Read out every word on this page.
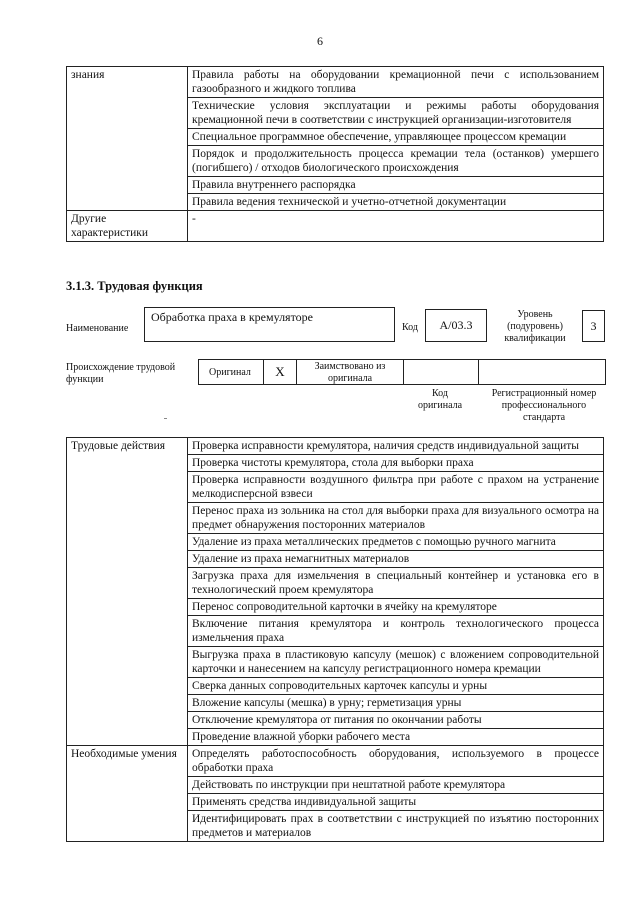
6
знания	Правила работы на оборудовании кремационной печи с использованием газообразного и жидкого топлива
	Технические условия эксплуатации и режимы работы оборудования кремационной печи в соответствии с инструкцией организации-изготовителя
	Специальное программное обеспечение, управляющее процессом кремации
	Порядок и продолжительность процесса кремации тела (останков) умершего (погибшего) / отходов биологического происхождения
	Правила внутреннего распорядка
	Правила ведения технической и учетно-отчетной документации
Другие характеристики	-
3.1.3. Трудовая функция
Наименование
Обработка праха в кремуляторе
Код	A/03.3
Уровень (подуровень) квалификации
3
Происхождение трудовой функции
Оригинал	X	Заимствовано из оригинала
Код оригинала
Регистрационный номер профессионального стандарта
Трудовые действия	Проверка исправности кремулятора, наличия средств индивидуальной защиты
	Проверка чистоты кремулятора, стола для выборки праха
	Проверка исправности воздушного фильтра при работе с прахом на устранение мелкодисперсной взвеси
	Перенос праха из зольника на стол для выборки праха для визуального осмотра на предмет обнаружения посторонних материалов
	Удаление из праха металлических предметов с помощью ручного магнита
	Удаление из праха немагнитных материалов
	Загрузка праха для измельчения в специальный контейнер и установка его в технологический проем кремулятора
	Перенос сопроводительной карточки в ячейку на кремуляторе
	Включение питания кремулятора и контроль технологического процесса измельчения праха
	Выгрузка праха в пластиковую капсулу (мешок) с вложением сопроводительной карточки и нанесением на капсулу регистрационного номера кремации
	Сверка данных сопроводительных карточек капсулы и урны
	Вложение капсулы (мешка) в урну; герметизация урны
	Отключение кремулятора от питания по окончании работы
	Проведение влажной уборки рабочего места
Необходимые умения	Определять работоспособность оборудования, используемого в процессе обработки праха
	Действовать по инструкции при нештатной работе кремулятора
	Применять средства индивидуальной защиты
	Идентифицировать прах в соответствии с инструкцией по изъятию посторонних предметов и материалов
